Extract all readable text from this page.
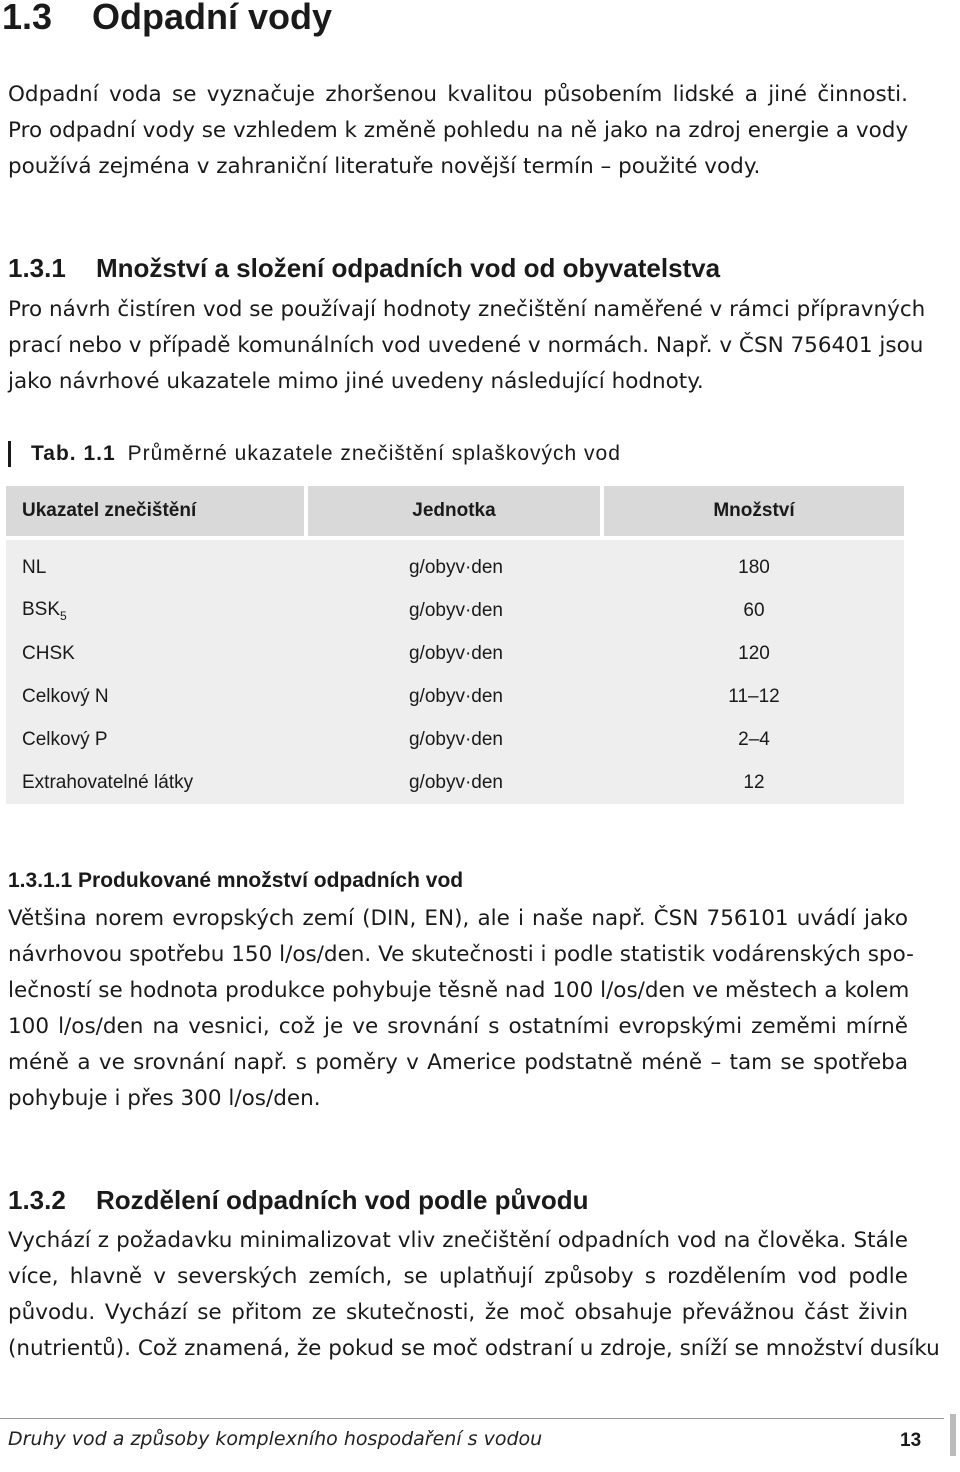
1.3 Odpadní vody
Odpadní voda se vyznačuje zhoršenou kvalitou působením lidské a jiné činnosti.
Pro odpadní vody se vzhledem k změně pohledu na ně jako na zdroj energie a vody
používá zejména v zahraniční literatuře novější termín – použité vody.
1.3.1 Množství a složení odpadních vod od obyvatelstva
Pro návrh čistíren vod se používají hodnoty znečištění naměřené v rámci přípravných
prací nebo v případě komunálních vod uvedené v normách. Např. v ČSN 756401 jsou
jako návrhové ukazatele mimo jiné uvedeny následující hodnoty.
Tab. 1.1 Průměrné ukazatele znečištění splaškových vod
Ukazatel znečištění	Jednotka	Množství

NL	g/obyv·den	180
$BSK_5$	g/obyv·den	60
CHSK	g/obyv·den	120
Celkový N	g/obyv·den	11–12
Celkový P	g/obyv·den	2–4
Extrahovatelné látky	g/obyv·den	12
1.3.1.1 Produkované množství odpadních vod
Většina norem evropských zemí (DIN, EN), ale i naše např. ČSN 756101 uvádí jako
návrhovou spotřebu 150 l/os/den. Ve skutečnosti i podle statistik vodárenských spo-
lečností se hodnota produkce pohybuje těsně nad 100 l/os/den ve městech a kolem
100 l/os/den na vesnici, což je ve srovnání s ostatními evropskými zeměmi mírně
méně a ve srovnání např. s poměry v Americe podstatně méně – tam se spotřeba
pohybuje i přes 300 l/os/den.
1.3.2 Rozdělení odpadních vod podle původu
Vychází z požadavku minimalizovat vliv znečištění odpadních vod na člověka. Stále
více, hlavně v severských zemích, se uplatňují způsoby s rozdělením vod podle
původu. Vychází se přitom ze skutečnosti, že moč obsahuje převážnou část živin
(nutrientů). Což znamená, že pokud se moč odstraní u zdroje, sníží se množství dusíku
Druhy vod a způsoby komplexního hospodaření s vodou	13
